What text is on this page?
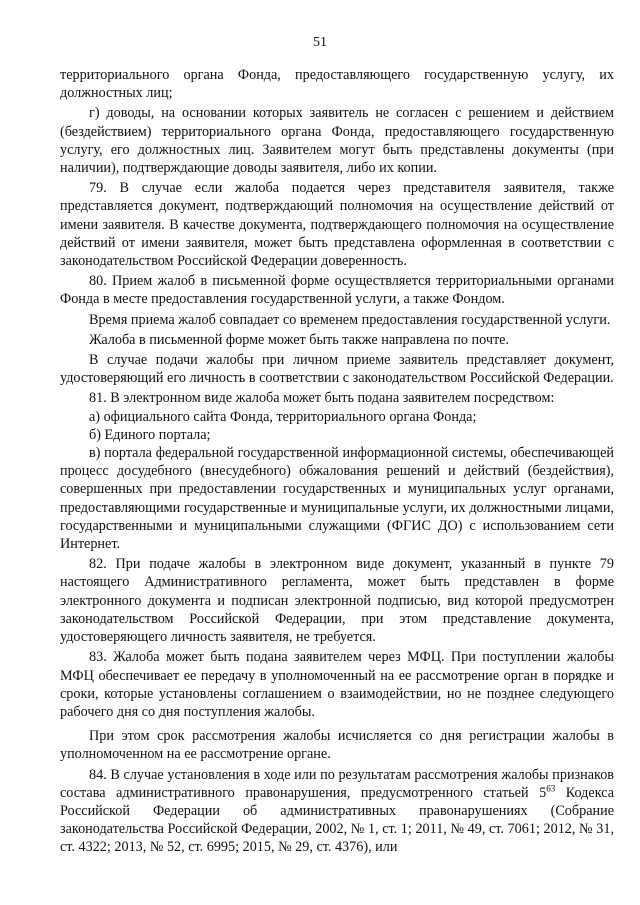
51

территориального органа Фонда, предоставляющего государственную услугу, их должностных лиц;

г) доводы, на основании которых заявитель не согласен с решением и действием (бездействием) территориального органа Фонда, предоставляющего государственную услугу, его должностных лиц. Заявителем могут быть представлены документы (при наличии), подтверждающие доводы заявителя, либо их копии.

79. В случае если жалоба подается через представителя заявителя, также представляется документ, подтверждающий полномочия на осуществление действий от имени заявителя. В качестве документа, подтверждающего полномочия на осуществление действий от имени заявителя, может быть представлена оформленная в соответствии с законодательством Российской Федерации доверенность.

80. Прием жалоб в письменной форме осуществляется территориальными органами Фонда в месте предоставления государственной услуги, а также Фондом.

Время приема жалоб совпадает со временем предоставления государственной услуги.

Жалоба в письменной форме может быть также направлена по почте.

В случае подачи жалобы при личном приеме заявитель представляет документ, удостоверяющий его личность в соответствии с законодательством Российской Федерации.

81. В электронном виде жалоба может быть подана заявителем посредством:

а) официального сайта Фонда, территориального органа Фонда;

б) Единого портала;

в) портала федеральной государственной информационной системы, обеспечивающей процесс досудебного (внесудебного) обжалования решений и действий (бездействия), совершенных при предоставлении государственных и муниципальных услуг органами, предоставляющими государственные и муниципальные услуги, их должностными лицами, государственными и муниципальными служащими (ФГИС ДО) с использованием сети Интернет.

82. При подаче жалобы в электронном виде документ, указанный в пункте 79 настоящего Административного регламента, может быть представлен в форме электронного документа и подписан электронной подписью, вид которой предусмотрен законодательством Российской Федерации, при этом представление документа, удостоверяющего личность заявителя, не требуется.

83. Жалоба может быть подана заявителем через МФЦ. При поступлении жалобы МФЦ обеспечивает ее передачу в уполномоченный на ее рассмотрение орган в порядке и сроки, которые установлены соглашением о взаимодействии, но не позднее следующего рабочего дня со дня поступления жалобы.

При этом срок рассмотрения жалобы исчисляется со дня регистрации жалобы в уполномоченном на ее рассмотрение органе.

84. В случае установления в ходе или по результатам рассмотрения жалобы признаков состава административного правонарушения, предусмотренного статьей $5^{63}$ Кодекса Российской Федерации об административных правонарушениях (Собрание законодательства Российской Федерации, 2002, № 1, ст. 1; 2011, № 49, ст. 7061; 2012, № 31, ст. 4322; 2013, № 52, ст. 6995; 2015, № 29, ст. 4376), или
